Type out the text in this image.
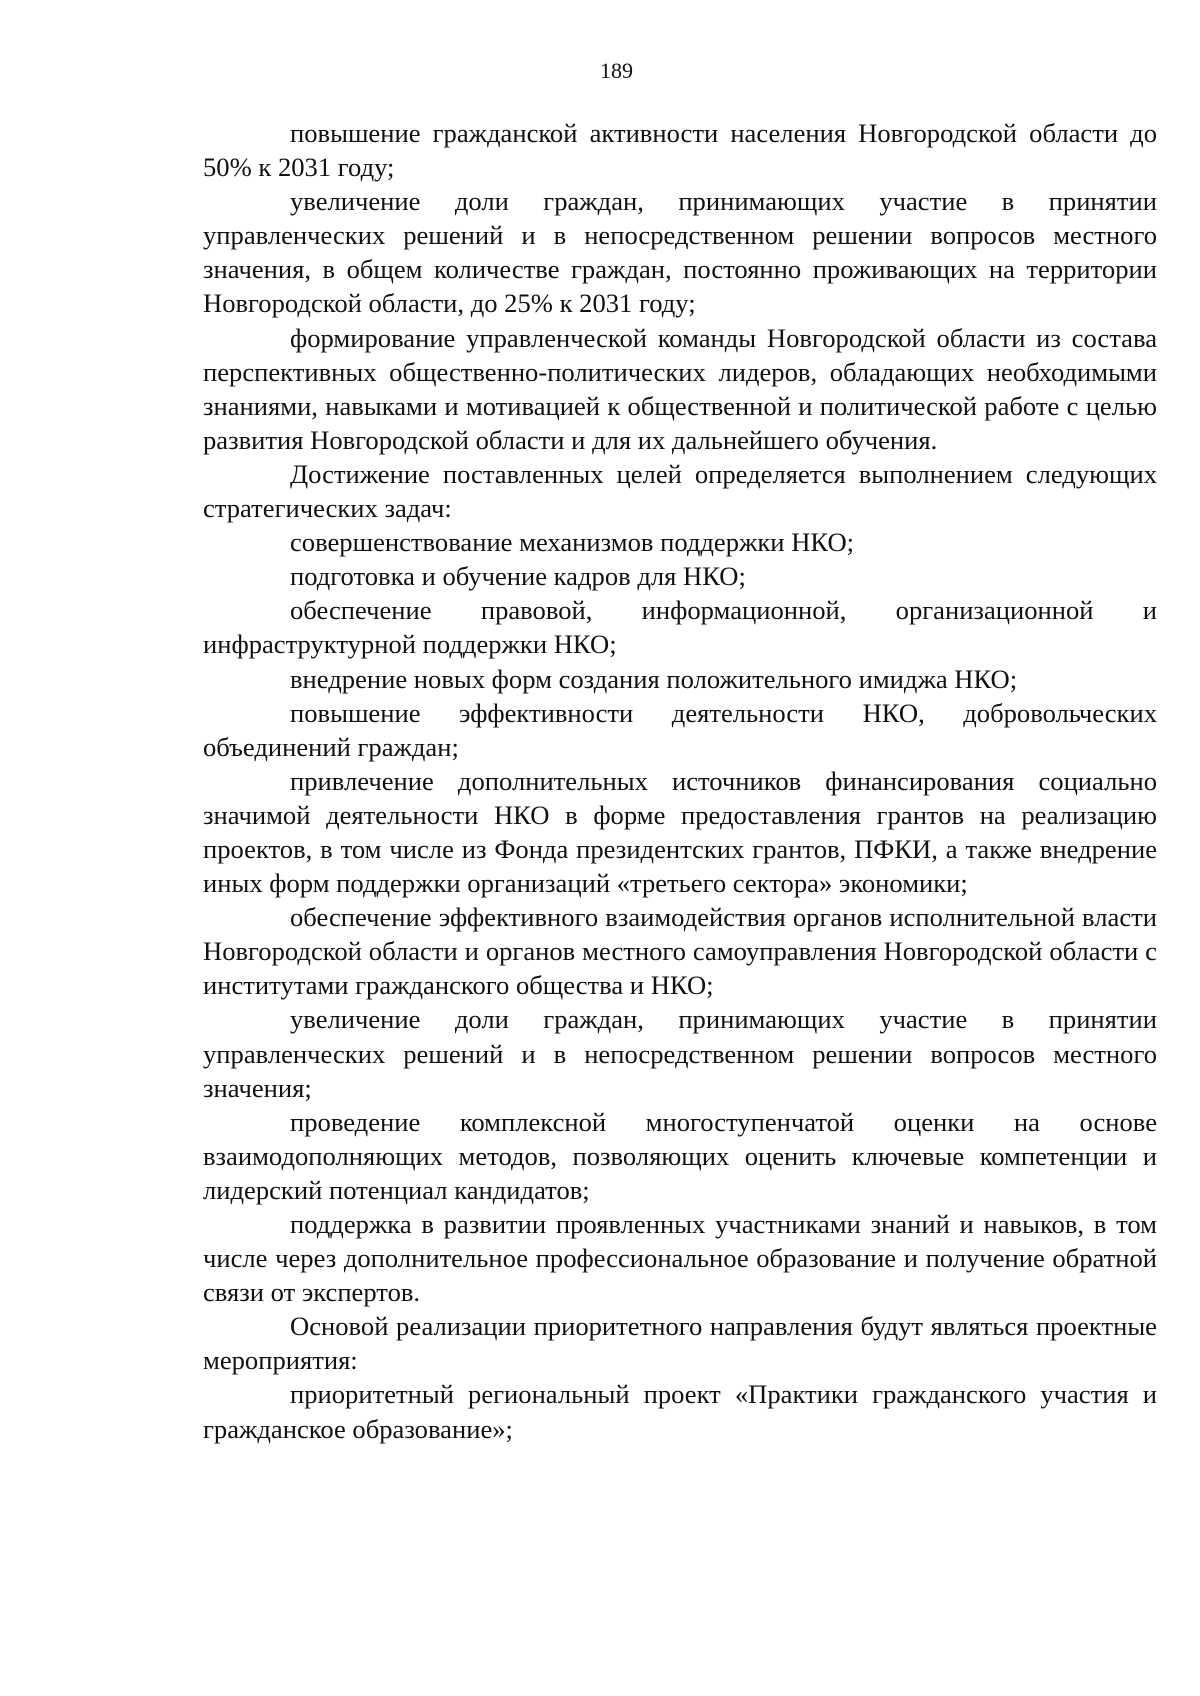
189

повышение гражданской активности населения Новгородской области до 50% к 2031 году;

увеличение доли граждан, принимающих участие в принятии управленческих решений и в непосредственном решении вопросов местного значения, в общем количестве граждан, постоянно проживающих на территории Новгородской области, до 25% к 2031 году;

формирование управленческой команды Новгородской области из состава перспективных общественно-политических лидеров, обладающих необходимыми знаниями, навыками и мотивацией к общественной и политической работе с целью развития Новгородской области и для их дальнейшего обучения.

Достижение поставленных целей определяется выполнением следующих стратегических задач:

совершенствование механизмов поддержки НКО;

подготовка и обучение кадров для НКО;

обеспечение правовой, информационной, организационной и инфраструктурной поддержки НКО;

внедрение новых форм создания положительного имиджа НКО;

повышение эффективности деятельности НКО, добровольческих объединений граждан;

привлечение дополнительных источников финансирования социально значимой деятельности НКО в форме предоставления грантов на реализацию проектов, в том числе из Фонда президентских грантов, ПФКИ, а также внедрение иных форм поддержки организаций «третьего сектора» экономики;

обеспечение эффективного взаимодействия органов исполнительной власти Новгородской области и органов местного самоуправления Новгородской области с институтами гражданского общества и НКО;

увеличение доли граждан, принимающих участие в принятии управленческих решений и в непосредственном решении вопросов местного значения;

проведение комплексной многоступенчатой оценки на основе взаимодополняющих методов, позволяющих оценить ключевые компетенции и лидерский потенциал кандидатов;

поддержка в развитии проявленных участниками знаний и навыков, в том числе через дополнительное профессиональное образование и получение обратной связи от экспертов.

Основой реализации приоритетного направления будут являться проектные мероприятия:

приоритетный региональный проект «Практики гражданского участия и гражданское образование»;
